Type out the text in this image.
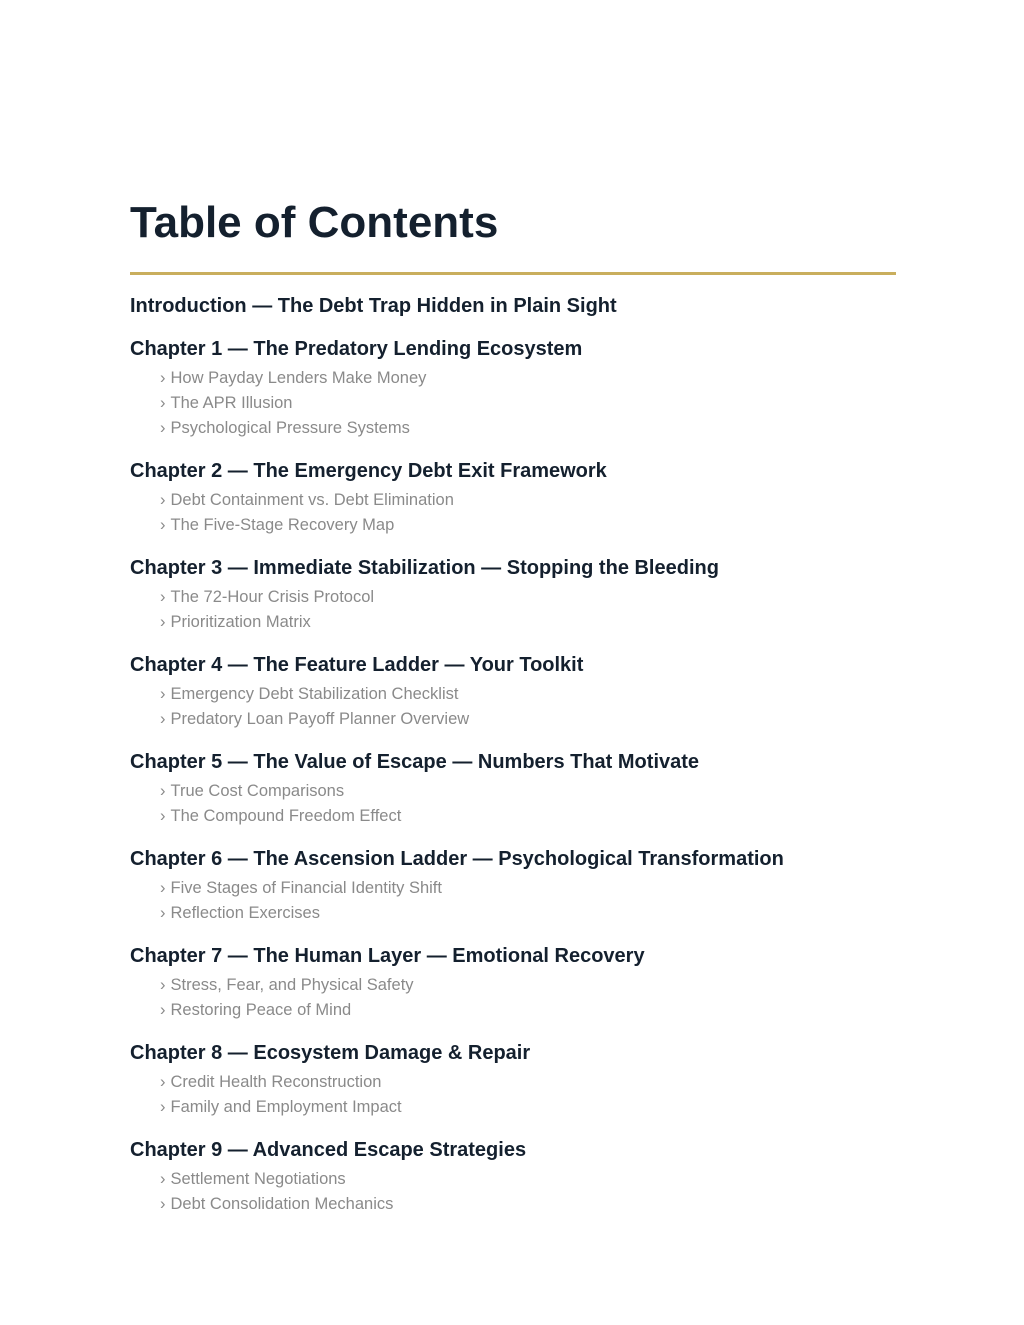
Table of Contents
Introduction — The Debt Trap Hidden in Plain Sight
Chapter 1 — The Predatory Lending Ecosystem
› How Payday Lenders Make Money
› The APR Illusion
› Psychological Pressure Systems
Chapter 2 — The Emergency Debt Exit Framework
› Debt Containment vs. Debt Elimination
› The Five-Stage Recovery Map
Chapter 3 — Immediate Stabilization — Stopping the Bleeding
› The 72-Hour Crisis Protocol
› Prioritization Matrix
Chapter 4 — The Feature Ladder — Your Toolkit
› Emergency Debt Stabilization Checklist
› Predatory Loan Payoff Planner Overview
Chapter 5 — The Value of Escape — Numbers That Motivate
› True Cost Comparisons
› The Compound Freedom Effect
Chapter 6 — The Ascension Ladder — Psychological Transformation
› Five Stages of Financial Identity Shift
› Reflection Exercises
Chapter 7 — The Human Layer — Emotional Recovery
› Stress, Fear, and Physical Safety
› Restoring Peace of Mind
Chapter 8 — Ecosystem Damage & Repair
› Credit Health Reconstruction
› Family and Employment Impact
Chapter 9 — Advanced Escape Strategies
› Settlement Negotiations
› Debt Consolidation Mechanics
